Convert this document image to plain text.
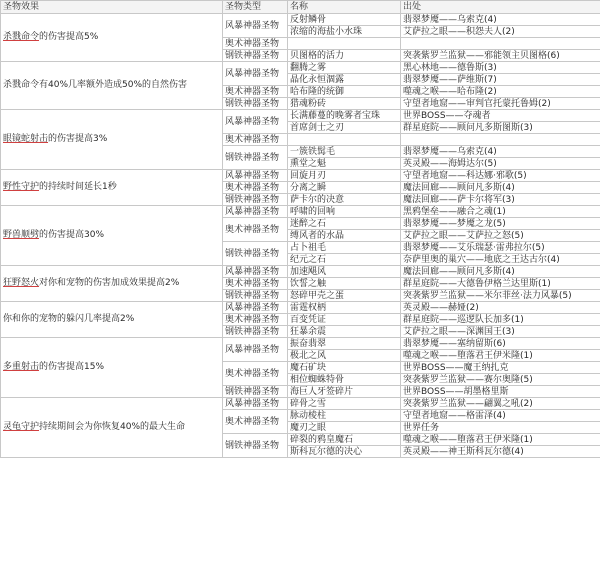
圣物效果	圣物类型	名称	出处
杀戮命令的伤害提高5%	风暴神器圣物	反射鳞骨	翡翠梦魇——乌索克(4)
		浓缩的海盐小水珠	艾萨拉之眼——积怨夫人(2)
	奥术神器圣物		
	钢铁神器圣物	贝图格的活力	突袭紫罗兰监狱——邪能领主贝图格(6)
杀戮命令有40%几率额外造成50%的自然伤害	风暴神器圣物	翻腾之雾	黑心林地——德鲁斯(3)
		晶化永恒涸露	翡翠梦魇——萨维斯(7)
	奥术神器圣物	哈布隆的统御	噬魂之喉——哈布隆(2)
	钢铁神器圣物	猎魂粉砖	守望者地窟——审判官托蒙托鲁姆(2)
眼镜蛇射击的伤害提高3%	风暴神器圣物	长满藤蔓的晚雾者宝珠	世界BOSS——夺魂者
		首席剑士之刃	群星庭院——顾问凡多斯图斯(3)
	奥术神器圣物		
	钢铁神器圣物	一簇铁髯毛	翡翠梦魇——乌索克(4)
		熏堂之魁	英灵殿——海姆达尔(5)
野性守护的持续时间延长1秒	风暴神器圣物	回旋月刃	守望者地窟——科达娜·邪歌(5)
	奥术神器圣物	分离之瞬	魔法回廊——顾问凡多斯(4)
	钢铁神器圣物	萨卡尔的决意	魔法回廊——萨卡尔将军(3)
野兽顺劈的伤害提高30%	风暴神器圣物	呼啸的回响	黑鸦堡垒——融合之魂(1)
	奥术神器圣物	迷醉之石	翡翠梦魇——梦魇之龙(5)
		缚风者的水晶	艾萨拉之眼——艾萨拉之怒(5)
	钢铁神器圣物	占卜祖毛	翡翠梦魇——艾乐瑞瑟·雷弗拉尔(5)
		纪元之石	奈萨里奥的巢穴——地底之王达古尔(4)
狂野怒火对你和宠物的伤害加成效果提高2%	风暴神器圣物	加速飓风	魔法回廊——顾问凡多斯(4)
	奥术神器圣物	饮誓之触	群星庭院——大德鲁伊格兰达里斯(1)
	钢铁神器圣物	怒碎甲壳之蛋	突袭紫罗兰监狱——米尔菲丝·法力风暴(5)
你和你的宠物的躲闪几率提高2%	风暴神器圣物	雷霆权柄	英灵殿——赫娅(2)
	奥术神器圣物	百变凭证	群星庭院——巡逻队长加多(1)
	钢铁神器圣物	狂暴余震	艾萨拉之眼——深渊国王(3)
多重射击的伤害提高15%	风暴神器圣物	振奋翡翠	翡翠梦魇——塞纳留斯(6)
		极北之风	噬魂之喉——堕落君王伊米隆(1)
	奥术神器圣物	魔石矿块	世界BOSS——魔王纳扎克
		相位蜘蛛特骨	突袭紫罗兰监狱——赛尔奥隆(5)
	钢铁神器圣物	海巨人牙签碎片	世界BOSS——胡墨格里斯
灵龟守护持续期间会为你恢复40%的最大生命	风暴神器圣物	碎骨之雪	突袭紫罗兰监狱——翩翼之吼(2)
	奥术神器圣物	脉动棱柱	守望者地窟——格雷泽(4)
		魔刃之眼	世界任务
	钢铁神器圣物	碎裂的鸦皇魔石	噬魂之喉——堕落君王伊米隆(1)
		斯科瓦尔德的决心	英灵殿——神王斯科瓦尔德(4)
